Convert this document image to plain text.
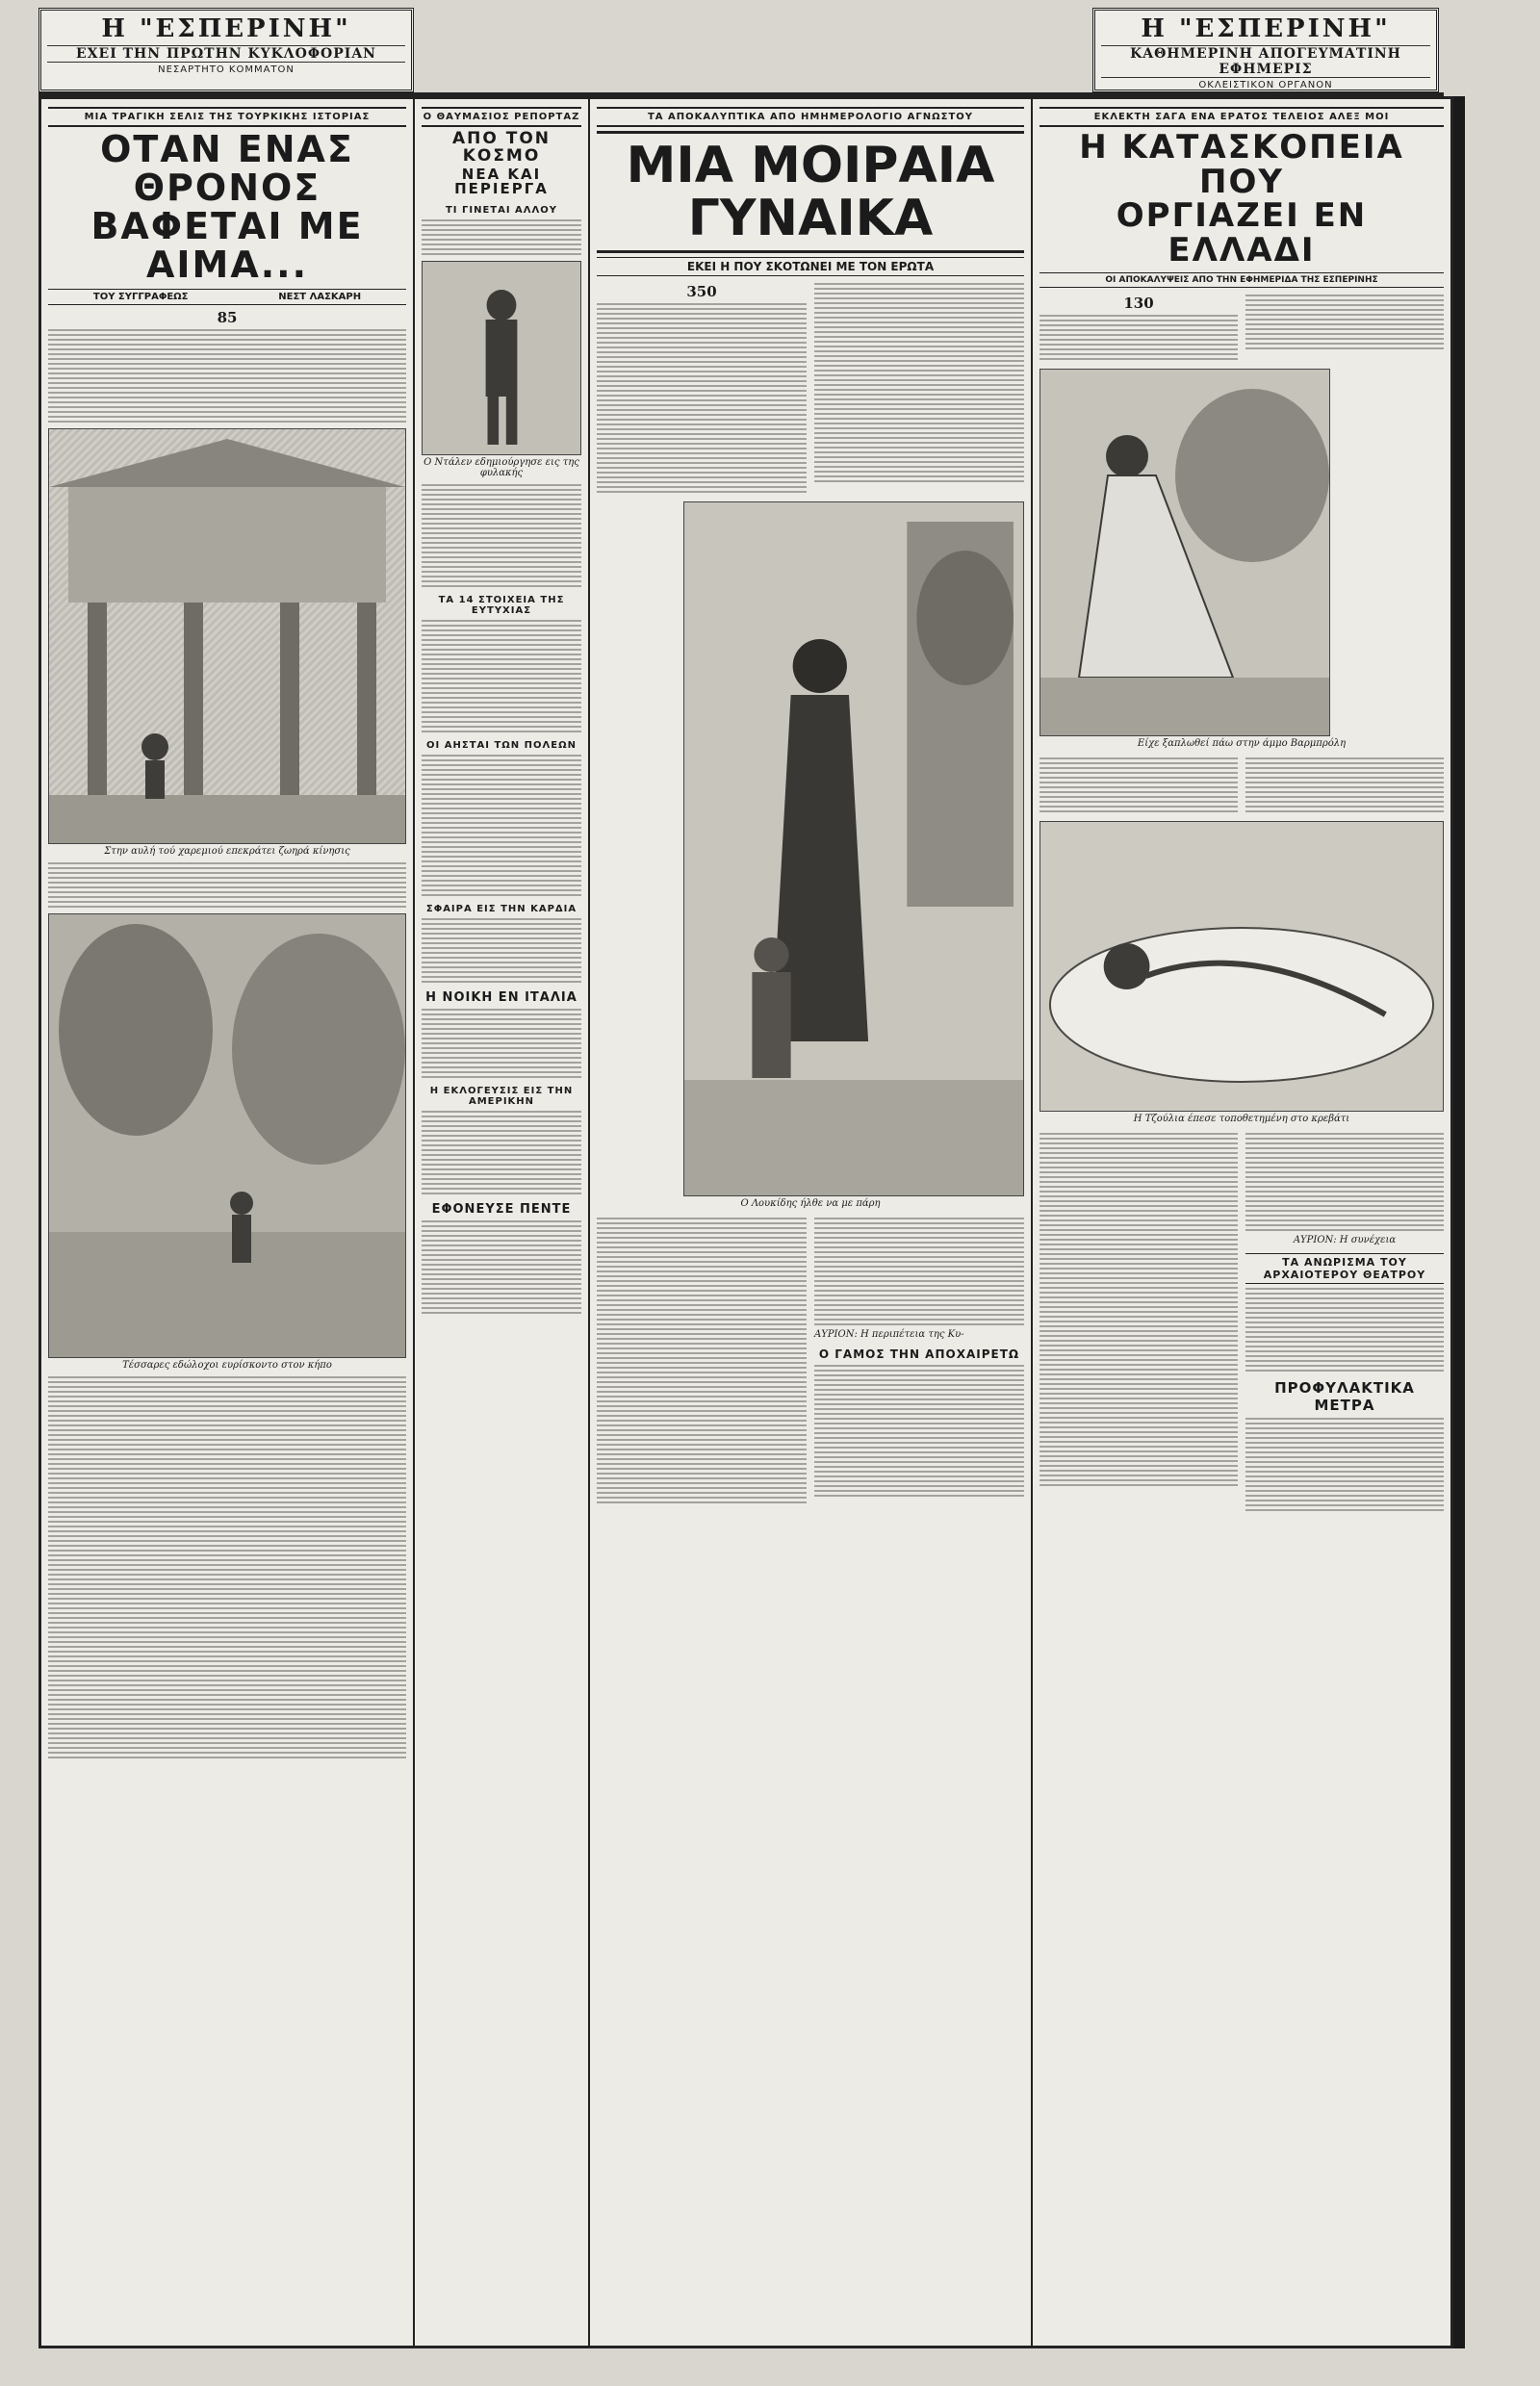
Η "ΕΣΠΕΡΙΝΗ"
ΕΧΕΙ ΤΗΝ ΠΡΩΤΗΝ ΚΥΚΛΟΦΟΡΙΑΝ
ΝΕΣΑΡΤΗΤΟ ΚΟΜΜΑΤΟΝ
Η "ΕΣΠΕΡΙΝΗ"
ΚΑΘΗΜΕΡΙΝΗ ΑΠΟΓΕΥΜΑΤΙΝΗ ΕΦΗΜΕΡΙΣ
ΟΚΛΕΙΣΤΙΚΟΝ ΟΡΓΑΝΟΝ
ΜΙΑ ΤΡΑΓΙΚΗ ΣΕΛΙΣ ΤΗΣ ΤΟΥΡΚΙΚΗΣ ΙΣΤΟΡΙΑΣ
ΟΤΑΝ ΕΝΑΣ ΘΡΟΝΟΣ
ΒΑΦΕΤΑΙ ΜΕ ΑΙΜΑ...
ΤΟΥ ΣΥΓΓΡΑΦΕΩΣ	ΝΕΣΤ ΛΑΣΚΑΡΗ
85
Στην αυλή τού χαρεμιού επεκράτει ζωηρά κίνησις
Τέσσαρες εδώλοχοι ευρίσκοντο στον κήπο
Ο ΘΑΥΜΑΣΙΟΣ ΡΕΠΟΡΤΑΖ
ΑΠΟ ΤΟΝ ΚΟΣΜΟ
ΝΕΑ ΚΑΙ ΠΕΡΙΕΡΓΑ
ΤΙ ΓΙΝΕΤΑΙ ΑΛΛΟΥ
Ο Ντάλεν εδημιούργησε εις της φυλακής
ΤΑ 14 ΣΤΟΙΧΕΙΑ ΤΗΣ ΕΥΤΥΧΙΑΣ
ΟΙ ΑΗΣΤΑΙ ΤΩΝ ΠΟΛΕΩΝ
ΣΦΑΙΡΑ ΕΙΣ ΤΗΝ ΚΑΡΔΙΑ
Η ΝΟΙΚΗ ΕΝ ΙΤΑΛΙΑ
Η ΕΚΛΟΓΕΥΣΙΣ ΕΙΣ ΤΗΝ ΑΜΕΡΙΚΗΝ
ΕΦΟΝΕΥΣΕ ΠΕΝΤΕ
ΤΑ ΑΠΟΚΑΛΥΠΤΙΚΑ ΑΠΟ ΗΜΗΜΕΡΟΛΟΓΙΟ ΑΓΝΩΣΤΟΥ
ΜΙΑ ΜΟΙΡΑΙΑ ΓΥΝΑΙΚΑ
ΕΚΕΙ Η ΠΟΥ ΣΚΟΤΩΝΕΙ ΜΕ ΤΟΝ ΕΡΩΤΑ
350
Ο Λουκίδης ήλθε να με πάρη
ΑΥΡΙΟΝ: Η περιπέτεια της Κυ-
Ο ΓΑΜΟΣ ΤΗΝ ΑΠΟΧΑΙΡΕΤΩ
ΕΚΛΕΚΤΗ ΣΑΓΑ ΕΝΑ ΕΡΑΤΟΣ ΤΕΛΕΙΟΣ ΑΛΕΞ ΜΟΙ
Η ΚΑΤΑΣΚΟΠΕΙΑ ΠΟΥ
ΟΡΓΙΑΖΕΙ ΕΝ ΕΛΛΑΔΙ
ΟΙ ΑΠΟΚΑΛΥΨΕΙΣ ΑΠΟ ΤΗΝ ΕΦΗΜΕΡΙΔΑ ΤΗΣ ΕΣΠΕΡΙΝΗΣ
130
Είχε ξαπλωθεί πάω στην άμμο Βαρμπρόλη
Η Τζούλια έπεσε τοποθετημένη στο κρεβάτι
ΑΥΡΙΟΝ: Η συνέχεια
ΤΑ ΑΝΩΡΙΣΜΑ ΤΟΥ ΑΡΧΑΙΟΤΕΡΟΥ ΘΕΑΤΡΟΥ
ΠΡΟΦΥΛΑΚΤΙΚΑ ΜΕΤΡΑ
